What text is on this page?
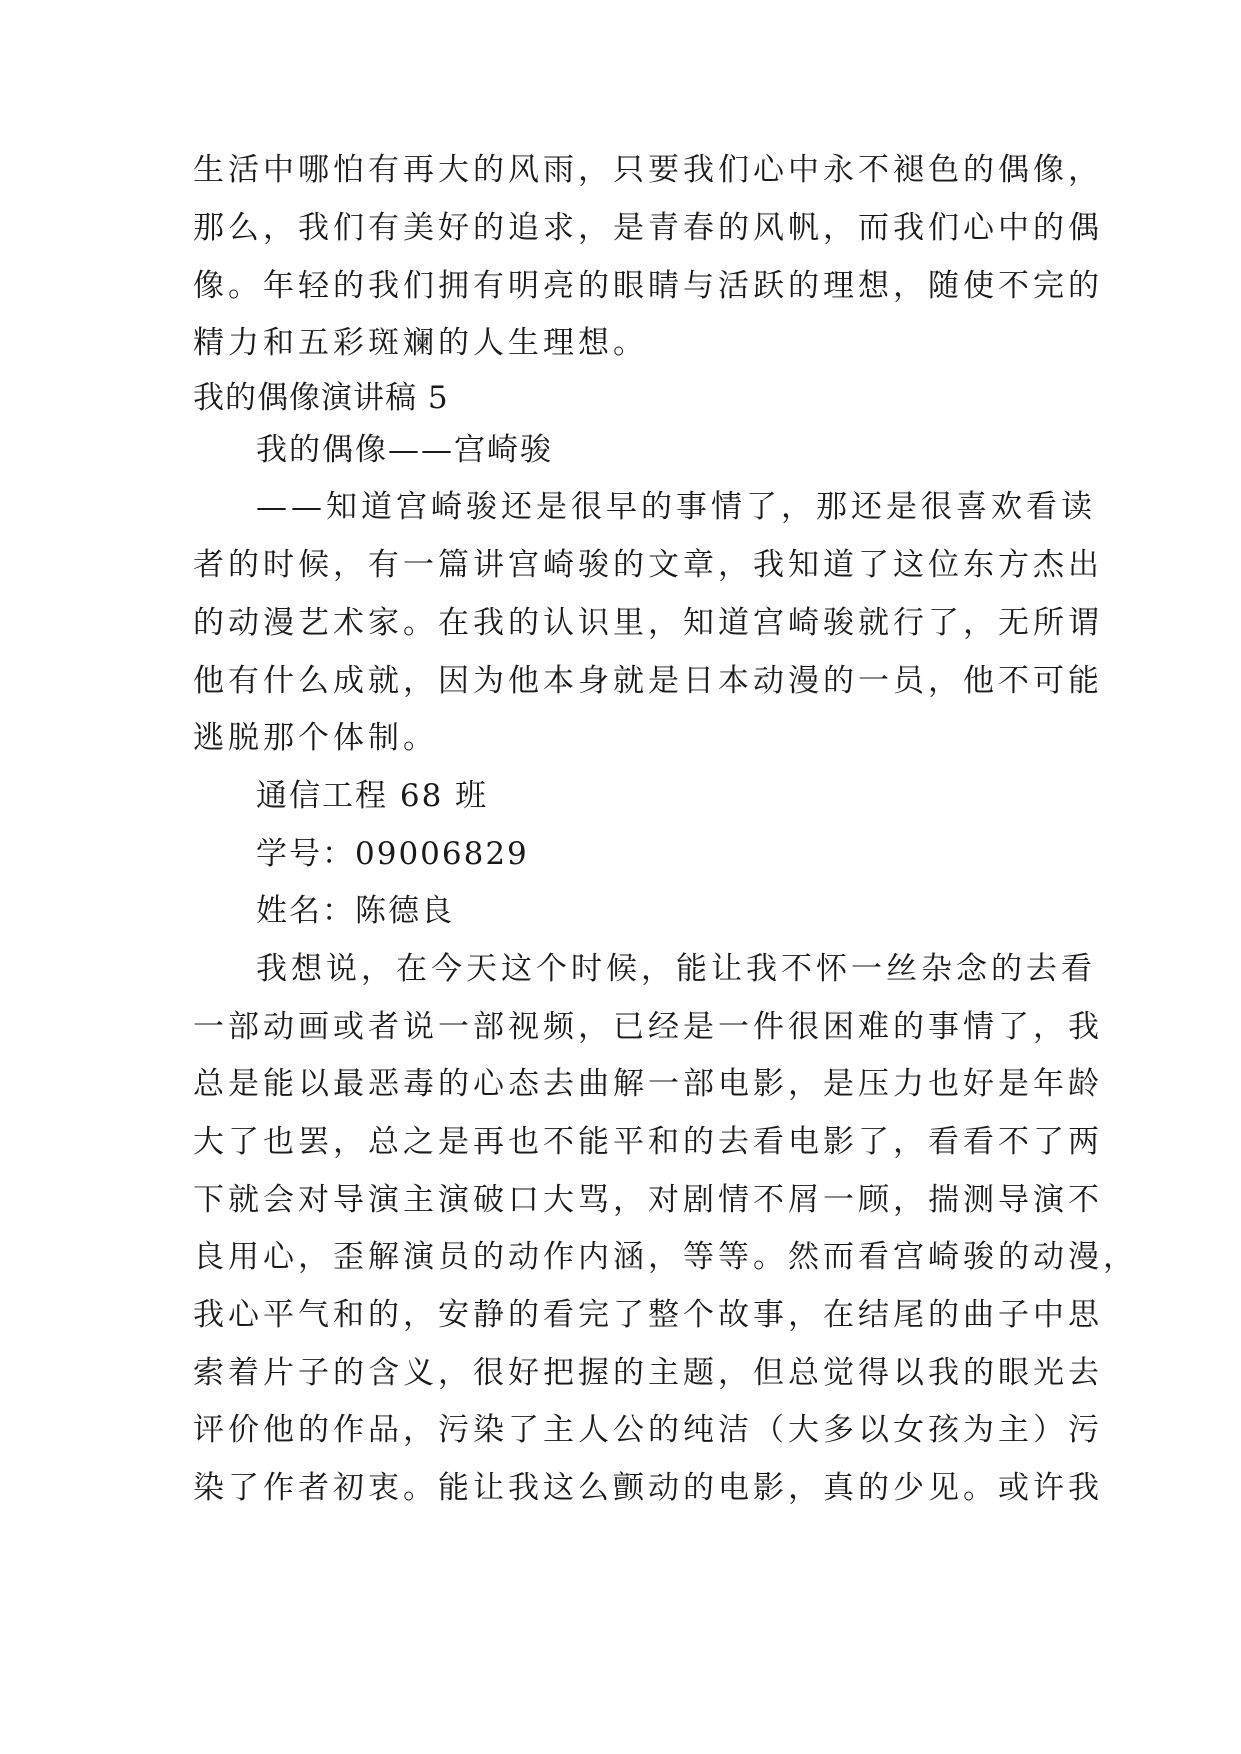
生活中哪怕有再大的风雨，只要我们心中永不褪色的偶像，
那么，我们有美好的追求，是青春的风帆，而我们心中的偶
像。年轻的我们拥有明亮的眼睛与活跃的理想，随使不完的
精力和五彩斑斓的人生理想。
我的偶像演讲稿 5
我的偶像——宫崎骏
——知道宫崎骏还是很早的事情了，那还是很喜欢看读
者的时候，有一篇讲宫崎骏的文章，我知道了这位东方杰出
的动漫艺术家。在我的认识里，知道宫崎骏就行了，无所谓
他有什么成就，因为他本身就是日本动漫的一员，他不可能
逃脱那个体制。
通信工程 68 班
学号：09006829
姓名：陈德良
我想说，在今天这个时候，能让我不怀一丝杂念的去看
一部动画或者说一部视频，已经是一件很困难的事情了，我
总是能以最恶毒的心态去曲解一部电影，是压力也好是年龄
大了也罢，总之是再也不能平和的去看电影了，看看不了两
下就会对导演主演破口大骂，对剧情不屑一顾，揣测导演不
良用心，歪解演员的动作内涵，等等。然而看宫崎骏的动漫，
我心平气和的，安静的看完了整个故事，在结尾的曲子中思
索着片子的含义，很好把握的主题，但总觉得以我的眼光去
评价他的作品，污染了主人公的纯洁（大多以女孩为主）污
染了作者初衷。能让我这么颤动的电影，真的少见。或许我
